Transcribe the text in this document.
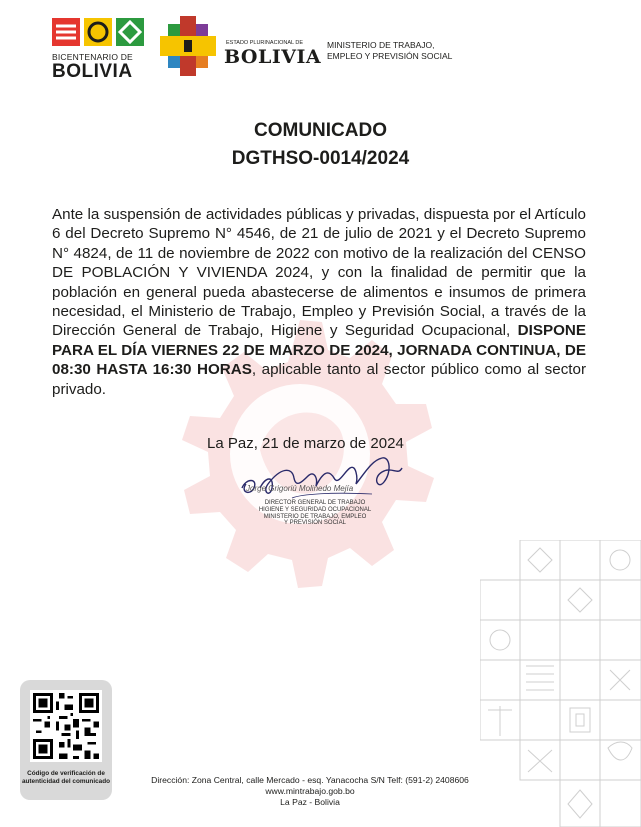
BICENTENARIO DE
BOLIVIA
ESTADO PLURINACIONAL DE
BOLIVIA
MINISTERIO DE TRABAJO,
EMPLEO Y PREVISIÓN SOCIAL
COMUNICADO
DGTHSO-0014/2024
Ante la suspensión de actividades públicas y privadas, dispuesta por el Artículo 6 del Decreto Supremo N° 4546, de 21 de julio de 2021 y el Decreto Supremo N° 4824, de 11 de noviembre de 2022 con motivo de la realización del CENSO DE POBLACIÓN Y VIVIENDA 2024, y con la finalidad de permitir que la población en general pueda abastecerse de alimentos e insumos de primera necesidad, el Ministerio de Trabajo, Empleo y Previsión Social, a través de la Dirección General de Trabajo, Higiene y Seguridad Ocupacional, DISPONE PARA EL DÍA VIERNES 22 DE MARZO DE 2024, JORNADA CONTINUA, DE 08:30 HASTA 16:30 HORAS, aplicable tanto al sector público como al sector privado.
La Paz, 21 de marzo de 2024
Jorge Grigoriú Molinedo Mejía
DIRECTOR GENERAL DE TRABAJO
HIGIENE Y SEGURIDAD OCUPACIONAL
MINISTERIO DE TRABAJO, EMPLEO
Y PREVISIÓN SOCIAL
Código de verificación de
autenticidad del comunicado	Dirección: Zona Central, calle Mercado - esq. Yanacocha S/N Telf: (591-2) 2408606
www.mintrabajo.gob.bo
La Paz - Bolivia
